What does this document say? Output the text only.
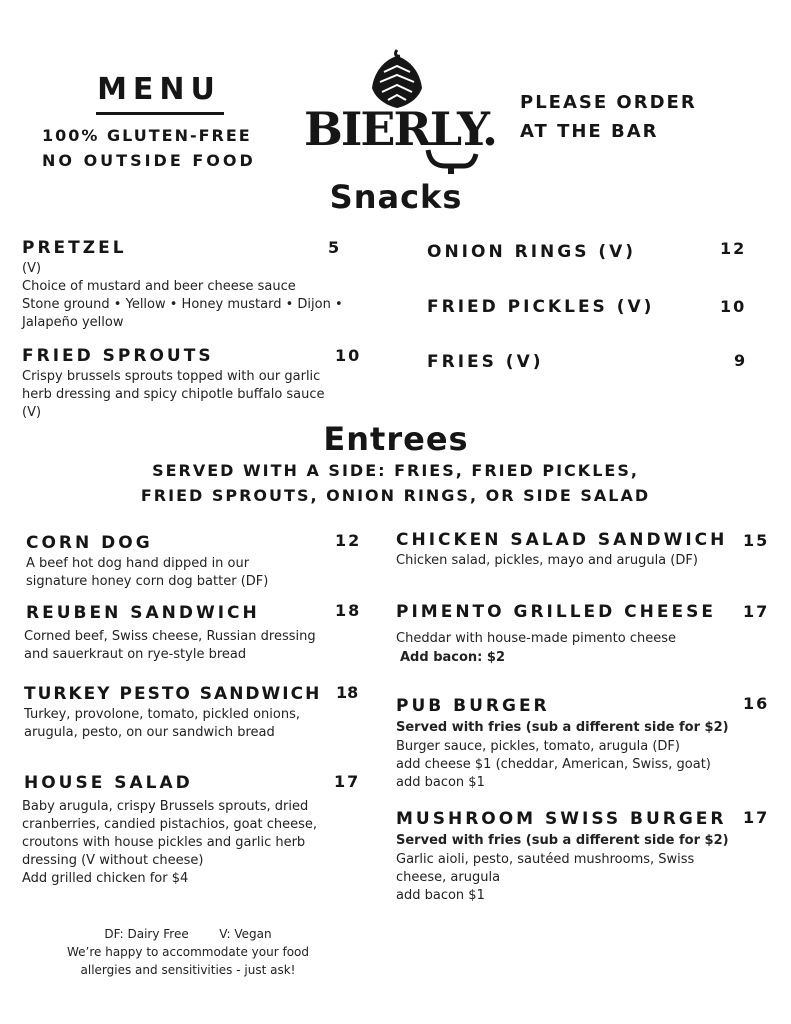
MENU
100% GLUTEN-FREE
NO OUTSIDE FOOD
BIERLY. PLEASE ORDER
AT THE BAR
Snacks
PRETZEL	5
(V)
Choice of mustard and beer cheese sauce
Stone ground • Yellow • Honey mustard • Dijon •
Jalapeño yellow
FRIED SPROUTS	10
Crispy brussels sprouts topped with our garlic
herb dressing and spicy chipotle buffalo sauce
(V)
ONION RINGS (V)	12
FRIED PICKLES (V)	10
FRIES (V)	9
Entrees
SERVED WITH A SIDE: FRIES, FRIED PICKLES,
FRIED SPROUTS, ONION RINGS, OR SIDE SALAD
CORN DOG	12
A beef hot dog hand dipped in our
signature honey corn dog batter (DF)
REUBEN SANDWICH	18
Corned beef, Swiss cheese, Russian dressing
and sauerkraut on rye-style bread
TURKEY PESTO SANDWICH 18
Turkey, provolone, tomato, pickled onions,
arugula, pesto, on our sandwich bread
HOUSE SALAD	17
Baby arugula, crispy Brussels sprouts, dried
cranberries, candied pistachios, goat cheese,
croutons with house pickles and garlic herb
dressing (V without cheese)
Add grilled chicken for $4
CHICKEN SALAD SANDWICH 15
Chicken salad, pickles, mayo and arugula (DF)
PIMENTO GRILLED CHEESE 17
Cheddar with house-made pimento cheese
Add bacon: $2
PUB BURGER	16
Served with fries (sub a different side for $2)
Burger sauce, pickles, tomato, arugula (DF)
add cheese $1 (cheddar, American, Swiss, goat)
add bacon $1
MUSHROOM SWISS BURGER 17
Served with fries (sub a different side for $2)
Garlic aioli, pesto, sautéed mushrooms, Swiss
cheese, arugula
add bacon $1
DF: Dairy Free        V: Vegan
We’re happy to accommodate your food
allergies and sensitivities - just ask!
